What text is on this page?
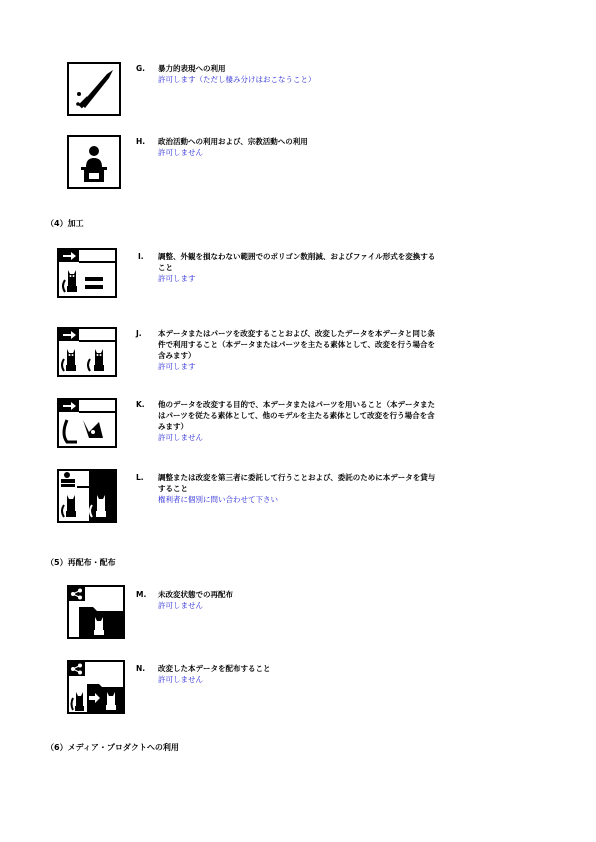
G. 暴力的表現への利用
許可します（ただし棲み分けはおこなうこと）
H. 政治活動への利用および、宗教活動への利用
許可しません
（4）加工
I. 調整、外観を損なわない範囲でのポリゴン数削減、およびファイル形式を変換する
こと
許可します
J. 本データまたはパーツを改変することおよび、改変したデータを本データと同じ条
件で利用すること（本データまたはパーツを主たる素体として、改変を行う場合を
含みます）
許可します
K. 他のデータを改変する目的で、本データまたはパーツを用いること（本データまた
はパーツを従たる素体として、他のモデルを主たる素体として改変を行う場合を含
みます）
許可しません
L. 調整または改変を第三者に委託して行うことおよび、委託のために本データを貸与
すること
権利者に個別に問い合わせて下さい
（5）再配布・配布
M. 未改変状態での再配布
許可しません
N. 改変した本データを配布すること
許可しません
（6）メディア・プロダクトへの利用
